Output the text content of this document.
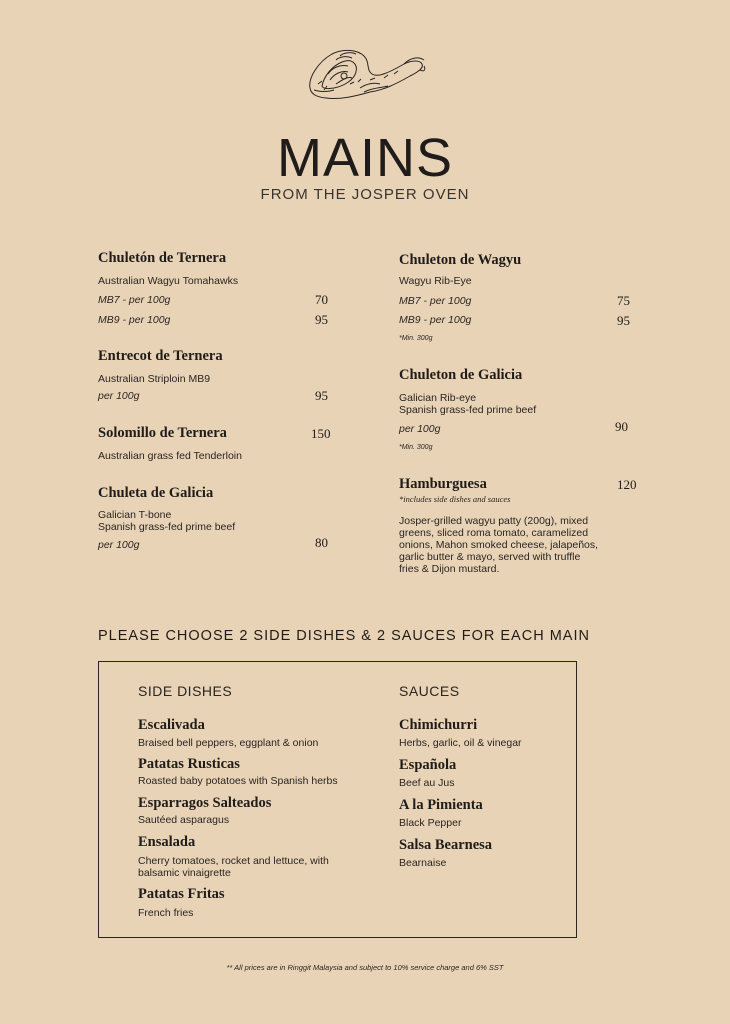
MAINS
FROM THE JOSPER OVEN
Chuletón de Ternera
Australian Wagyu Tomahawks
MB7 - per 100g	70
MB9 - per 100g	95
Entrecot de Ternera
Australian Striploin MB9
per 100g	95
Solomillo de Ternera	150
Australian grass fed Tenderloin
Chuleta de Galicia
Galician T-bone
Spanish grass-fed prime beef
per 100g	80
Chuleton de Wagyu
Wagyu Rib-Eye
MB7 - per 100g	75
MB9 - per 100g	95
*Min. 300g
Chuleton de Galicia
Galician Rib-eye
Spanish grass-fed prime beef
per 100g	90
*Min. 300g
Hamburguesa	120
*includes side dishes and sauces
Josper-grilled wagyu patty (200g), mixed
greens, sliced roma tomato, caramelized
onions, Mahon smoked cheese, jalapeños,
garlic butter & mayo, served with truffle
fries & Dijon mustard.
PLEASE CHOOSE 2 SIDE DISHES & 2 SAUCES FOR EACH MAIN
SIDE DISHES	SAUCES
Escalivada
Braised bell peppers, eggplant & onion
Patatas Rusticas
Roasted baby potatoes with Spanish herbs
Esparragos Salteados
Sautéed asparagus
Ensalada
Cherry tomatoes, rocket and lettuce, with
balsamic vinaigrette
Patatas Fritas
French fries
Chimichurri
Herbs, garlic, oil & vinegar
Española
Beef au Jus
A la Pimienta
Black Pepper
Salsa Bearnesa
Bearnaise
** All prices are in Ringgit Malaysia and subject to 10% service charge and 6% SST
